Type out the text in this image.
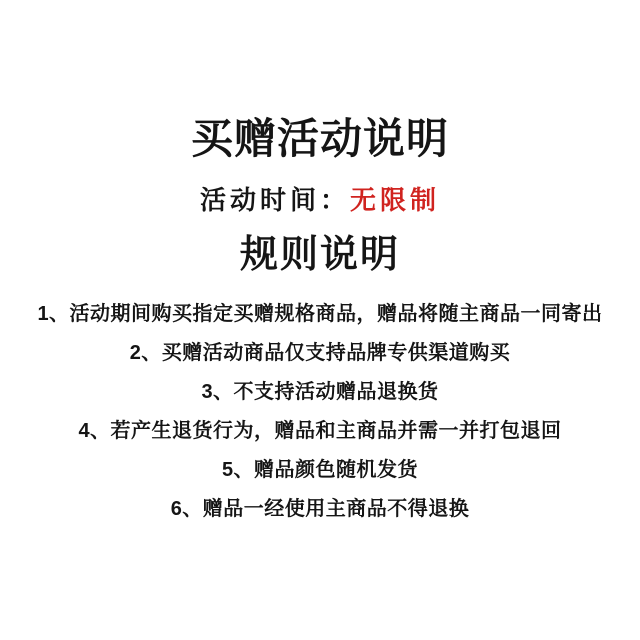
买赠活动说明
活动时间：无限制
规则说明
1、活动期间购买指定买赠规格商品，赠品将随主商品一同寄出
2、买赠活动商品仅支持品牌专供渠道购买
3、不支持活动赠品退换货
4、若产生退货行为，赠品和主商品并需一并打包退回
5、赠品颜色随机发货
6、赠品一经使用主商品不得退换
